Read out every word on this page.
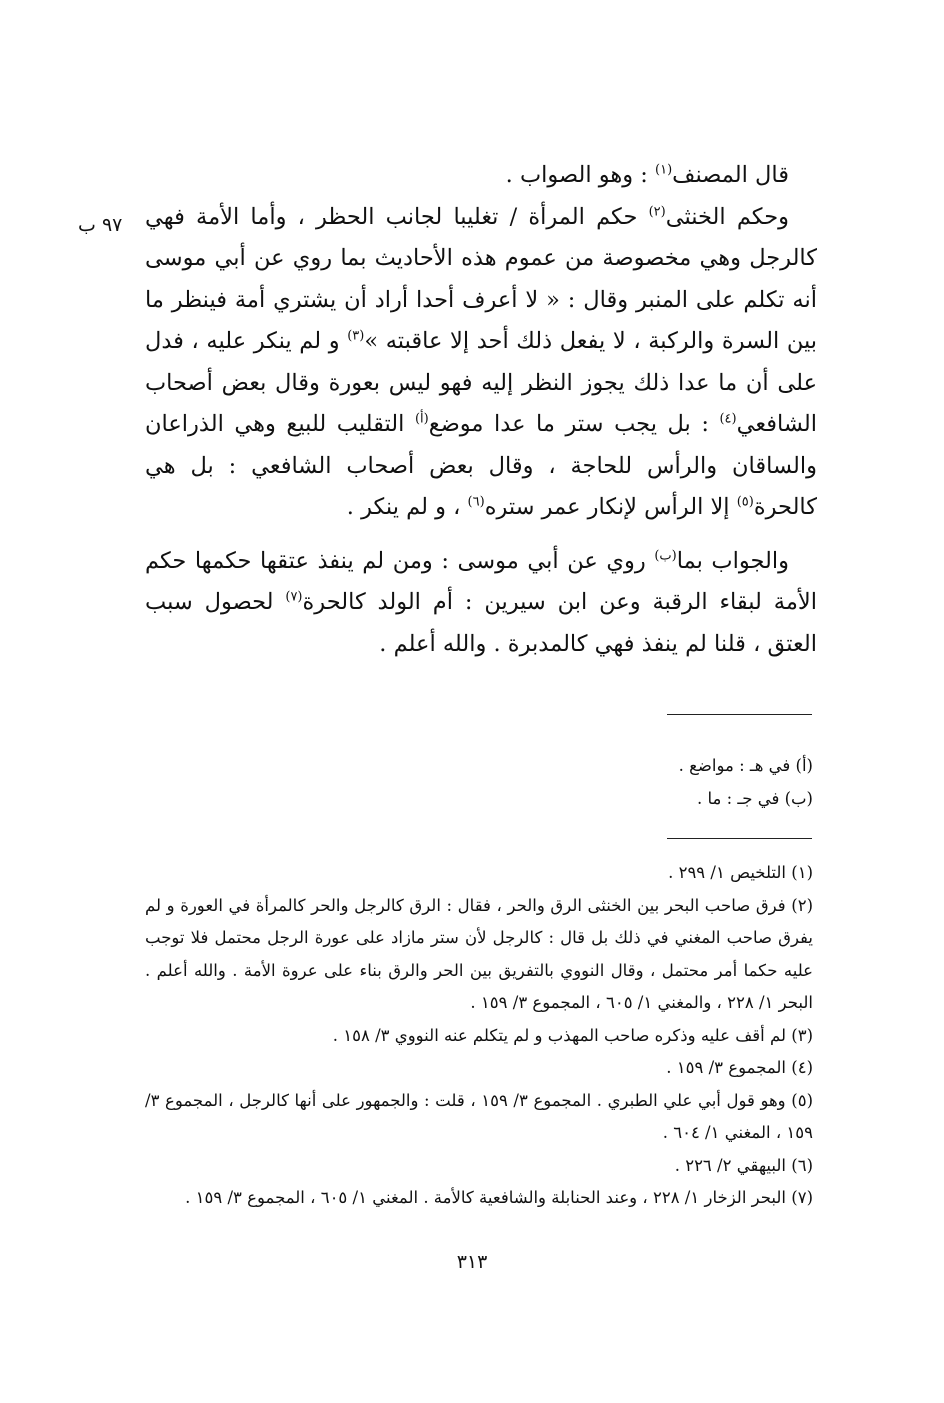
٩٧ ب

قال المصنف$^{(١)}$ : وهو الصواب .

وحكم الخنثى$^{(٢)}$ حكم المرأة / تغليبا لجانب الحظر ، وأما الأمة فهي كالرجل وهي مخصوصة من عموم هذه الأحاديث بما روي عن أبي موسى أنه تكلم على المنبر وقال : « لا أعرف أحدا أراد أن يشتري أمة فينظر ما بين السرة والركبة ، لا يفعل ذلك أحد إلا عاقبته »$^{(٣)}$ و لم ينكر عليه ، فدل على أن ما عدا ذلك يجوز النظر إليه فهو ليس بعورة وقال بعض أصحاب الشافعي$^{(٤)}$ : بل يجب ستر ما عدا موضع$^{(أ)}$ التقليب للبيع وهي الذراعان والساقان والرأس للحاجة ، وقال بعض أصحاب الشافعي : بل هي كالحرة$^{(٥)}$ إلا الرأس لإنكار عمر ستره$^{(٦)}$ ، و لم ينكر .

والجواب بما$^{(ب)}$ روي عن أبي موسى : ومن لم ينفذ عتقها حكمها حكم الأمة لبقاء الرقبة وعن ابن سيرين : أم الولد كالحرة$^{(٧)}$ لحصول سبب العتق ، قلنا لم ينفذ فهي كالمدبرة . والله أعلم .

(أ) في هـ : مواضع .
(ب) في جـ : ما .
(١) التلخيص ١/ ٢٩٩ .
(٢) فرق صاحب البحر بين الخنثى الرق والحر ، فقال : الرق كالرجل والحر كالمرأة في العورة و لم يفرق صاحب المغني في ذلك بل قال : كالرجل لأن ستر مازاد على عورة الرجل محتمل فلا توجب عليه حكما أمر محتمل ، وقال النووي بالتفريق بين الحر والرق بناء على عروة الأمة . والله أعلم . البحر ١/ ٢٢٨ ، والمغني ١/ ٦٠٥ ، المجموع ٣/ ١٥٩ .
(٣) لم أقف عليه وذكره صاحب المهذب و لم يتكلم عنه النووي ٣/ ١٥٨ .
(٤) المجموع ٣/ ١٥٩ .
(٥) وهو قول أبي علي الطبري . المجموع ٣/ ١٥٩ ، قلت : والجمهور على أنها كالرجل ، المجموع ٣/ ١٥٩ ، المغني ١/ ٦٠٤ .
(٦) البيهقي ٢/ ٢٢٦ .
(٧) البحر الزخار ١/ ٢٢٨ ، وعند الحنابلة والشافعية كالأمة . المغني ١/ ٦٠٥ ، المجموع ٣/ ١٥٩ .
٣١٣
